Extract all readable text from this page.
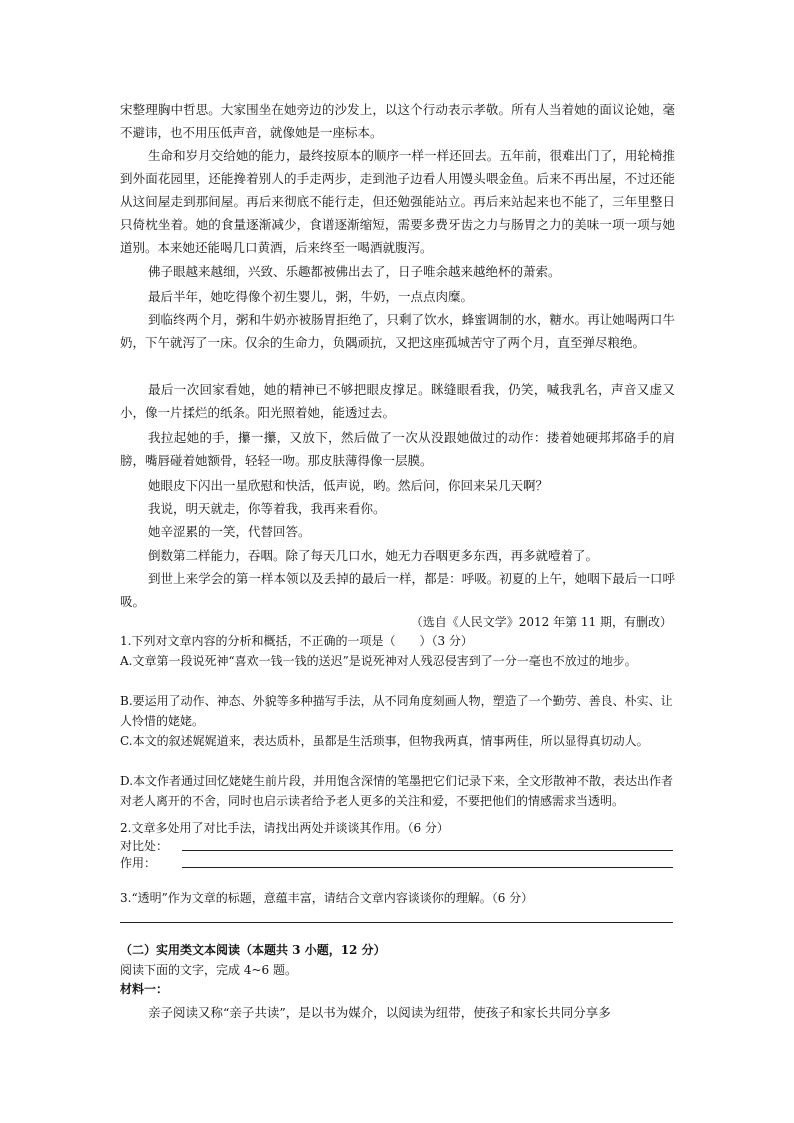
宋整理胸中哲思。大家围坐在她旁边的沙发上，以这个行动表示孝敬。所有人当着她的面议论她，毫不避讳，也不用压低声音，就像她是一座标本。

生命和岁月交给她的能力，最终按原本的顺序一样一样还回去。五年前，很难出门了，用轮椅推到外面花园里，还能搀着别人的手走两步，走到池子边看人用馒头喂金鱼。后来不再出屋，不过还能从这间屋走到那间屋。再后来彻底不能行走，但还勉强能站立。再后来站起来也不能了，三年里整日只倚枕坐着。她的食量逐渐减少，食谱逐渐缩短，需要多费牙齿之力与肠胃之力的美味一项一项与她道别。本来她还能喝几口黄酒，后来终至一喝酒就腹泻。

佛子眼越来越细，兴致、乐趣都被佛出去了，日子唯余越来越绝杯的萧索。

最后半年，她吃得像个初生婴儿，粥，牛奶，一点点肉糜。

到临终两个月，粥和牛奶亦被肠胃拒绝了，只剩了饮水，蜂蜜调制的水，糖水。再让她喝两口牛奶，下午就泻了一床。仅余的生命力，负隅顽抗，又把这座孤城苦守了两个月，直至弹尽粮绝。

最后一次回家看她，她的精神已不够把眼皮撑足。眯缝眼看我，仍笑，喊我乳名，声音又虚又小，像一片揉烂的纸条。阳光照着她，能透过去。

我拉起她的手，攥一攥，又放下，然后做了一次从没跟她做过的动作：搂着她硬邦邦硌手的肩膀，嘴唇碰着她额骨，轻轻一吻。那皮肤薄得像一层膜。

她眼皮下闪出一星欣慰和快活，低声说，哟。然后问，你回来呆几天啊？

我说，明天就走，你等着我，我再来看你。

她辛涩累的一笑，代替回答。

倒数第二样能力，吞咽。除了每天几口水，她无力吞咽更多东西，再多就噎着了。

到世上来学会的第一样本领以及丢掉的最后一样，都是：呼吸。初夏的上午，她咽下最后一口呼吸。

（选自《人民文学》2012 年第 11 期，有删改）

1.下列对文章内容的分析和概括，不正确的一项是（　　）（3 分）

A.文章第一段说死神“喜欢一钱一钱的送迟”是说死神对人残忍侵害到了一分一毫也不放过的地步。

B.要运用了动作、神态、外貌等多种描写手法，从不同角度刻画人物，塑造了一个勤劳、善良、朴实、让人怜惜的姥姥。

C.本文的叙述娓娓道来，表达质朴，虽都是生活琐事，但物我两真，情事两佳，所以显得真切动人。

D.本文作者通过回忆姥姥生前片段，并用饱含深情的笔墨把它们记录下来，全文形散神不散，表达出作者对老人离开的不舍，同时也启示读者给予老人更多的关注和爱，不要把他们的情感需求当透明。

2.文章多处用了对比手法，请找出两处并谈谈其作用。（6 分）

对比处：
作用：

3.“透明”作为文章的标题，意蕴丰富，请结合文章内容谈谈你的理解。（6 分）

（二）实用类文本阅读（本题共 3 小题，12 分）

阅读下面的文字，完成 4~6 题。

材料一：

亲子阅读又称“亲子共读”，是以书为媒介，以阅读为纽带，使孩子和家长共同分享多
